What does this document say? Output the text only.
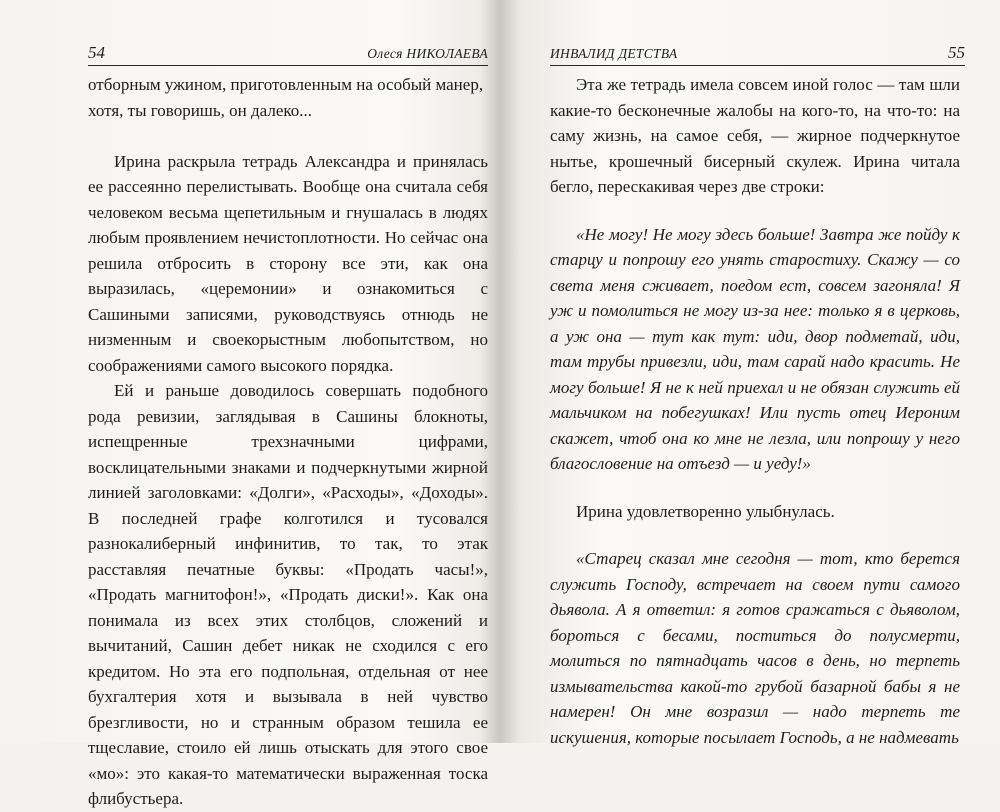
54	Олеся НИКОЛАЕВА

отборным ужином, приготовленным на особый манер, хотя, ты говоришь, он далеко...

Ирина раскрыла тетрадь Александра и принялась ее рассеянно перелистывать. Вообще она считала себя человеком весьма щепетильным и гнушалась в людях любым проявлением нечистоплотности. Но сейчас она решила отбросить в сторону все эти, как она выразилась, «церемонии» и ознакомиться с Сашиными записями, руководствуясь отнюдь не низменным и своекорыстным любопытством, но соображениями самого высокого порядка.

Ей и раньше доводилось совершать подобного рода ревизии, заглядывая в Сашины блокноты, испещренные трехзначными цифрами, восклицательными знаками и подчеркнутыми жирной линией заголовками: «Долги», «Расходы», «Доходы». В последней графе колготился и тусовался разнокалиберный инфинитив, то так, то этак расставляя печатные буквы: «Продать часы!», «Продать магнитофон!», «Продать диски!». Как она понимала из всех этих столбцов, сложений и вычитаний, Сашин дебет никак не сходился с его кредитом. Но эта его подпольная, отдельная от нее бухгалтерия хотя и вызывала в ней чувство брезгливости, но и странным образом тешила ее тщеславие, стоило ей лишь отыскать для этого свое «мо»: это какая-то математически выраженная тоска флибустьера.

ИНВАЛИД ДЕТСТВА	55

Эта же тетрадь имела совсем иной голос — там шли какие-то бесконечные жалобы на кого-то, на что-то: на саму жизнь, на самое себя, — жирное подчеркнутое нытье, крошечный бисерный скулеж. Ирина читала бегло, перескакивая через две строки:

«Не могу! Не могу здесь больше! Завтра же пойду к старцу и попрошу его унять старостиху. Скажу — со света меня сживает, поедом ест, совсем загоняла! Я уж и помолиться не могу из-за нее: только я в церковь, а уж она — тут как тут: иди, двор подметай, иди, там трубы привезли, иди, там сарай надо красить. Не могу больше! Я не к ней приехал и не обязан служить ей мальчиком на побегушках! Или пусть отец Иероним скажет, чтоб она ко мне не лезла, или попрошу у него благословение на отъезд — и уеду!»

Ирина удовлетворенно улыбнулась.

«Старец сказал мне сегодня — тот, кто берется служить Господу, встречает на своем пути самого дьявола. А я ответил: я готов сражаться с дьяволом, бороться с бесами, поститься до полусмерти, молиться по пятнадцать часов в день, но терпеть измывательства какой-то грубой базарной бабы я не намерен! Он мне возразил — надо терпеть те искушения, которые посылает Господь, а не надмевать
